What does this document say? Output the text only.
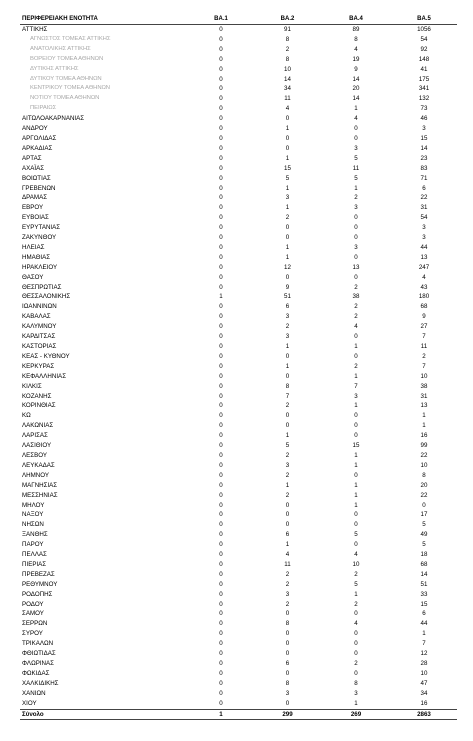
ΠΕΡΙΦΕΡΕΙΑΚΗ ΕΝΟΤΗΤΑ	ΒΑ.1	ΒΑ.2	ΒΑ.4	ΒΑ.5
ΑΤΤΙΚΗΣ	0	91	89	1056
ΑΓΝΩΣΤΟΣ ΤΟΜΕΑΣ ΑΤΤΙΚΗΣ	0	8	8	54
ΑΝΑΤΟΛΙΚΗΣ ΑΤΤΙΚΗΣ	0	2	4	92
ΒΟΡΕΙΟΥ ΤΟΜΕΑ ΑΘΗΝΩΝ	0	8	19	148
ΔΥΤΙΚΗΣ ΑΤΤΙΚΗΣ	0	10	9	41
ΔΥΤΙΚΟΥ ΤΟΜΕΑ ΑΘΗΝΩΝ	0	14	14	175
ΚΕΝΤΡΙΚΟΥ ΤΟΜΕΑ ΑΘΗΝΩΝ	0	34	20	341
ΝΟΤΙΟΥ ΤΟΜΕΑ ΑΘΗΝΩΝ	0	11	14	132
ΠΕΙΡΑΙΩΣ	0	4	1	73
ΑΙΤΩΛΟΑΚΑΡΝΑΝΙΑΣ	0	0	4	46
ΑΝΔΡΟΥ	0	1	0	3
ΑΡΓΟΛΙΔΑΣ	0	0	0	15
ΑΡΚΑΔΙΑΣ	0	0	3	14
ΑΡΤΑΣ	0	1	5	23
ΑΧΑΪΑΣ	0	15	11	83
ΒΟΙΩΤΙΑΣ	0	5	5	71
ΓΡΕΒΕΝΩΝ	0	1	1	6
ΔΡΑΜΑΣ	0	3	2	22
ΕΒΡΟΥ	0	1	3	31
ΕΥΒΟΙΑΣ	0	2	0	54
ΕΥΡΥΤΑΝΙΑΣ	0	0	0	3
ΖΑΚΥΝΘΟΥ	0	0	0	3
ΗΛΕΙΑΣ	0	1	3	44
ΗΜΑΘΙΑΣ	0	1	0	13
ΗΡΑΚΛΕΙΟΥ	0	12	13	247
ΘΑΣΟΥ	0	0	0	4
ΘΕΣΠΡΩΤΙΑΣ	0	9	2	43
ΘΕΣΣΑΛΟΝΙΚΗΣ	1	51	38	180
ΙΩΑΝΝΙΝΩΝ	0	6	2	68
ΚΑΒΑΛΑΣ	0	3	2	9
ΚΑΛΥΜΝΟΥ	0	2	4	27
ΚΑΡΔΙΤΣΑΣ	0	3	0	7
ΚΑΣΤΟΡΙΑΣ	0	1	1	11
ΚΕΑΣ - ΚΥΘΝΟΥ	0	0	0	2
ΚΕΡΚΥΡΑΣ	0	1	2	7
ΚΕΦΑΛΛΗΝΙΑΣ	0	0	1	10
ΚΙΛΚΙΣ	0	8	7	38
ΚΟΖΑΝΗΣ	0	7	3	31
ΚΟΡΙΝΘΙΑΣ	0	2	1	13
ΚΩ	0	0	0	1
ΛΑΚΩΝΙΑΣ	0	0	0	1
ΛΑΡΙΣΑΣ	0	1	0	16
ΛΑΣΙΘΙΟΥ	0	5	15	99
ΛΕΣΒΟΥ	0	2	1	22
ΛΕΥΚΑΔΑΣ	0	3	1	10
ΛΗΜΝΟΥ	0	2	0	8
ΜΑΓΝΗΣΙΑΣ	0	1	1	20
ΜΕΣΣΗΝΙΑΣ	0	2	1	22
ΜΗΛΟΥ	0	0	1	0
ΝΑΞΟΥ	0	0	0	17
ΝΗΣΩΝ	0	0	0	5
ΞΑΝΘΗΣ	0	6	5	49
ΠΑΡΟΥ	0	1	0	5
ΠΕΛΛΑΣ	0	4	4	18
ΠΙΕΡΙΑΣ	0	11	10	68
ΠΡΕΒΕΖΑΣ	0	2	2	14
ΡΕΘΥΜΝΟΥ	0	2	5	51
ΡΟΔΟΠΗΣ	0	3	1	33
ΡΟΔΟΥ	0	2	2	15
ΣΑΜΟΥ	0	0	0	6
ΣΕΡΡΩΝ	0	8	4	44
ΣΥΡΟΥ	0	0	0	1
ΤΡΙΚΑΛΩΝ	0	0	0	7
ΦΘΙΩΤΙΔΑΣ	0	0	0	12
ΦΛΩΡΙΝΑΣ	0	6	2	28
ΦΩΚΙΔΑΣ	0	0	0	10
ΧΑΛΚΙΔΙΚΗΣ	0	8	8	47
ΧΑΝΙΩΝ	0	3	3	34
ΧΙΟΥ	0	0	1	16
Σύνολο	1	299	269	2863
